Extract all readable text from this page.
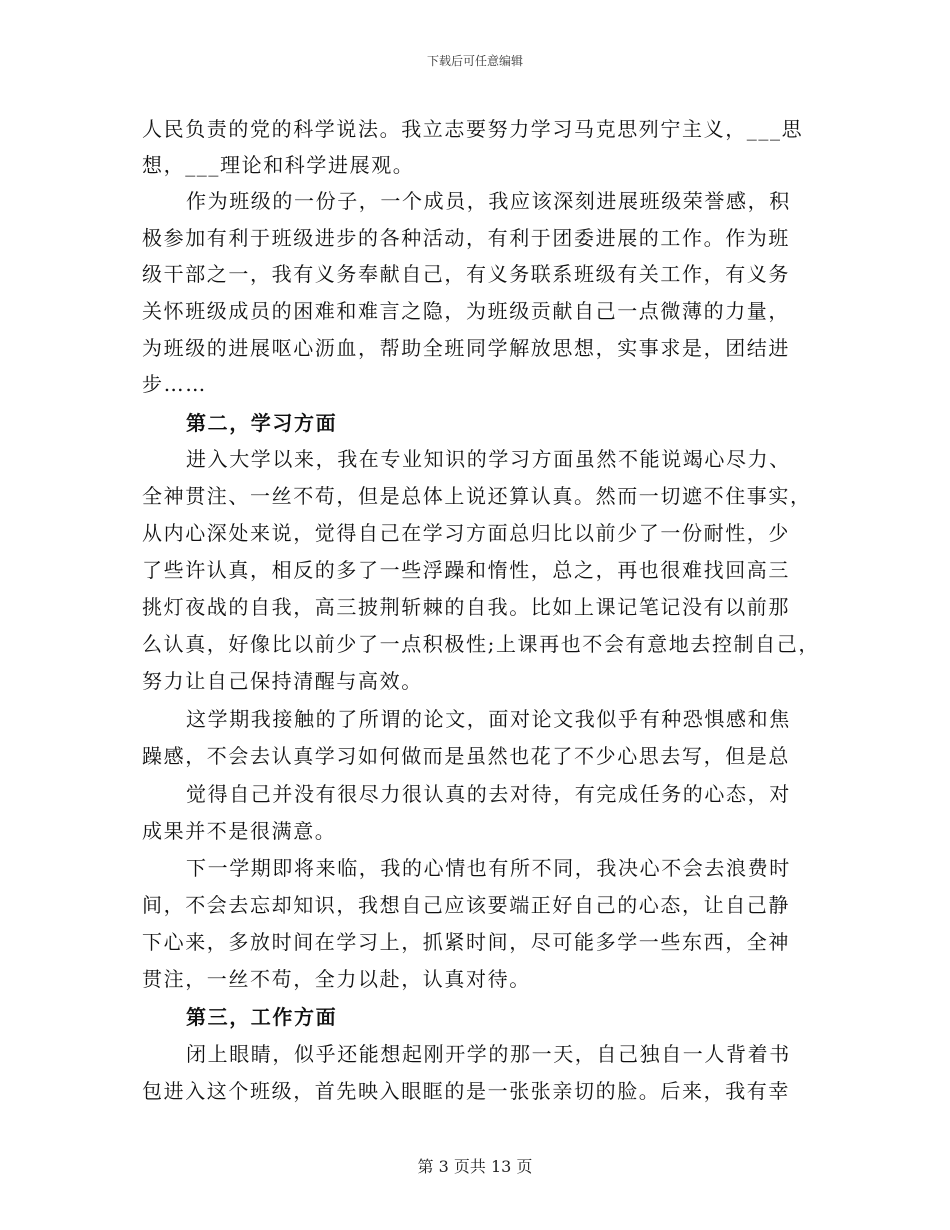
下载后可任意编辑
人民负责的党的科学说法。我立志要努力学习马克思列宁主义，___思
想，___理论和科学进展观。
作为班级的一份子，一个成员，我应该深刻进展班级荣誉感，积
极参加有利于班级进步的各种活动，有利于团委进展的工作。作为班
级干部之一，我有义务奉献自己，有义务联系班级有关工作，有义务
关怀班级成员的困难和难言之隐，为班级贡献自己一点微薄的力量，
为班级的进展呕心沥血，帮助全班同学解放思想，实事求是，团结进
步……
第二，学习方面
进入大学以来，我在专业知识的学习方面虽然不能说竭心尽力、
全神贯注、一丝不苟，但是总体上说还算认真。然而一切遮不住事实，
从内心深处来说，觉得自己在学习方面总归比以前少了一份耐性，少
了些许认真，相反的多了一些浮躁和惰性，总之，再也很难找回高三
挑灯夜战的自我，高三披荆斩棘的自我。比如上课记笔记没有以前那
么认真，好像比以前少了一点积极性;上课再也不会有意地去控制自己，
努力让自己保持清醒与高效。
这学期我接触的了所谓的论文，面对论文我似乎有种恐惧感和焦
躁感，不会去认真学习如何做而是虽然也花了不少心思去写，但是总
觉得自己并没有很尽力很认真的去对待，有完成任务的心态，对
成果并不是很满意。
下一学期即将来临，我的心情也有所不同，我决心不会去浪费时
间，不会去忘却知识，我想自己应该要端正好自己的心态，让自己静
下心来，多放时间在学习上，抓紧时间，尽可能多学一些东西，全神
贯注，一丝不苟，全力以赴，认真对待。
第三，工作方面
闭上眼睛，似乎还能想起刚开学的那一天，自己独自一人背着书
包进入这个班级，首先映入眼眶的是一张张亲切的脸。后来，我有幸
第 3 页共 13 页
